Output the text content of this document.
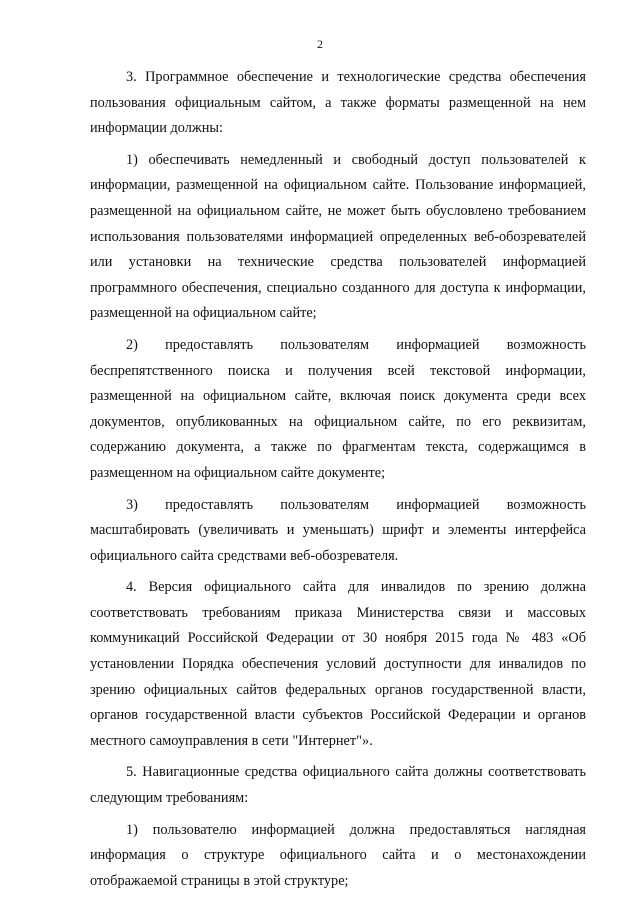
2

3. Программное обеспечение и технологические средства обеспечения пользования официальным сайтом, а также форматы размещенной на нем информации должны:

1) обеспечивать немедленный и свободный доступ пользователей к информации, размещенной на официальном сайте. Пользование информацией, размещенной на официальном сайте, не может быть обусловлено требованием использования пользователями информацией определенных веб-обозревателей или установки на технические средства пользователей информацией программного обеспечения, специально созданного для доступа к информации, размещенной на официальном сайте;

2) предоставлять пользователям информацией возможность беспрепятственного поиска и получения всей текстовой информации, размещенной на официальном сайте, включая поиск документа среди всех документов, опубликованных на официальном сайте, по его реквизитам, содержанию документа, а также по фрагментам текста, содержащимся в размещенном на официальном сайте документе;

3) предоставлять пользователям информацией возможность масштабировать (увеличивать и уменьшать) шрифт и элементы интерфейса официального сайта средствами веб-обозревателя.

4. Версия официального сайта для инвалидов по зрению должна соответствовать требованиям приказа Министерства связи и массовых коммуникаций Российской Федерации от 30 ноября 2015 года № 483 «Об установлении Порядка обеспечения условий доступности для инвалидов по зрению официальных сайтов федеральных органов государственной власти, органов государственной власти субъектов Российской Федерации и органов местного самоуправления в сети "Интернет"».

5. Навигационные средства официального сайта должны соответствовать следующим требованиям:

1) пользователю информацией должна предоставляться наглядная информация о структуре официального сайта и о местонахождении отображаемой страницы в этой структуре;
